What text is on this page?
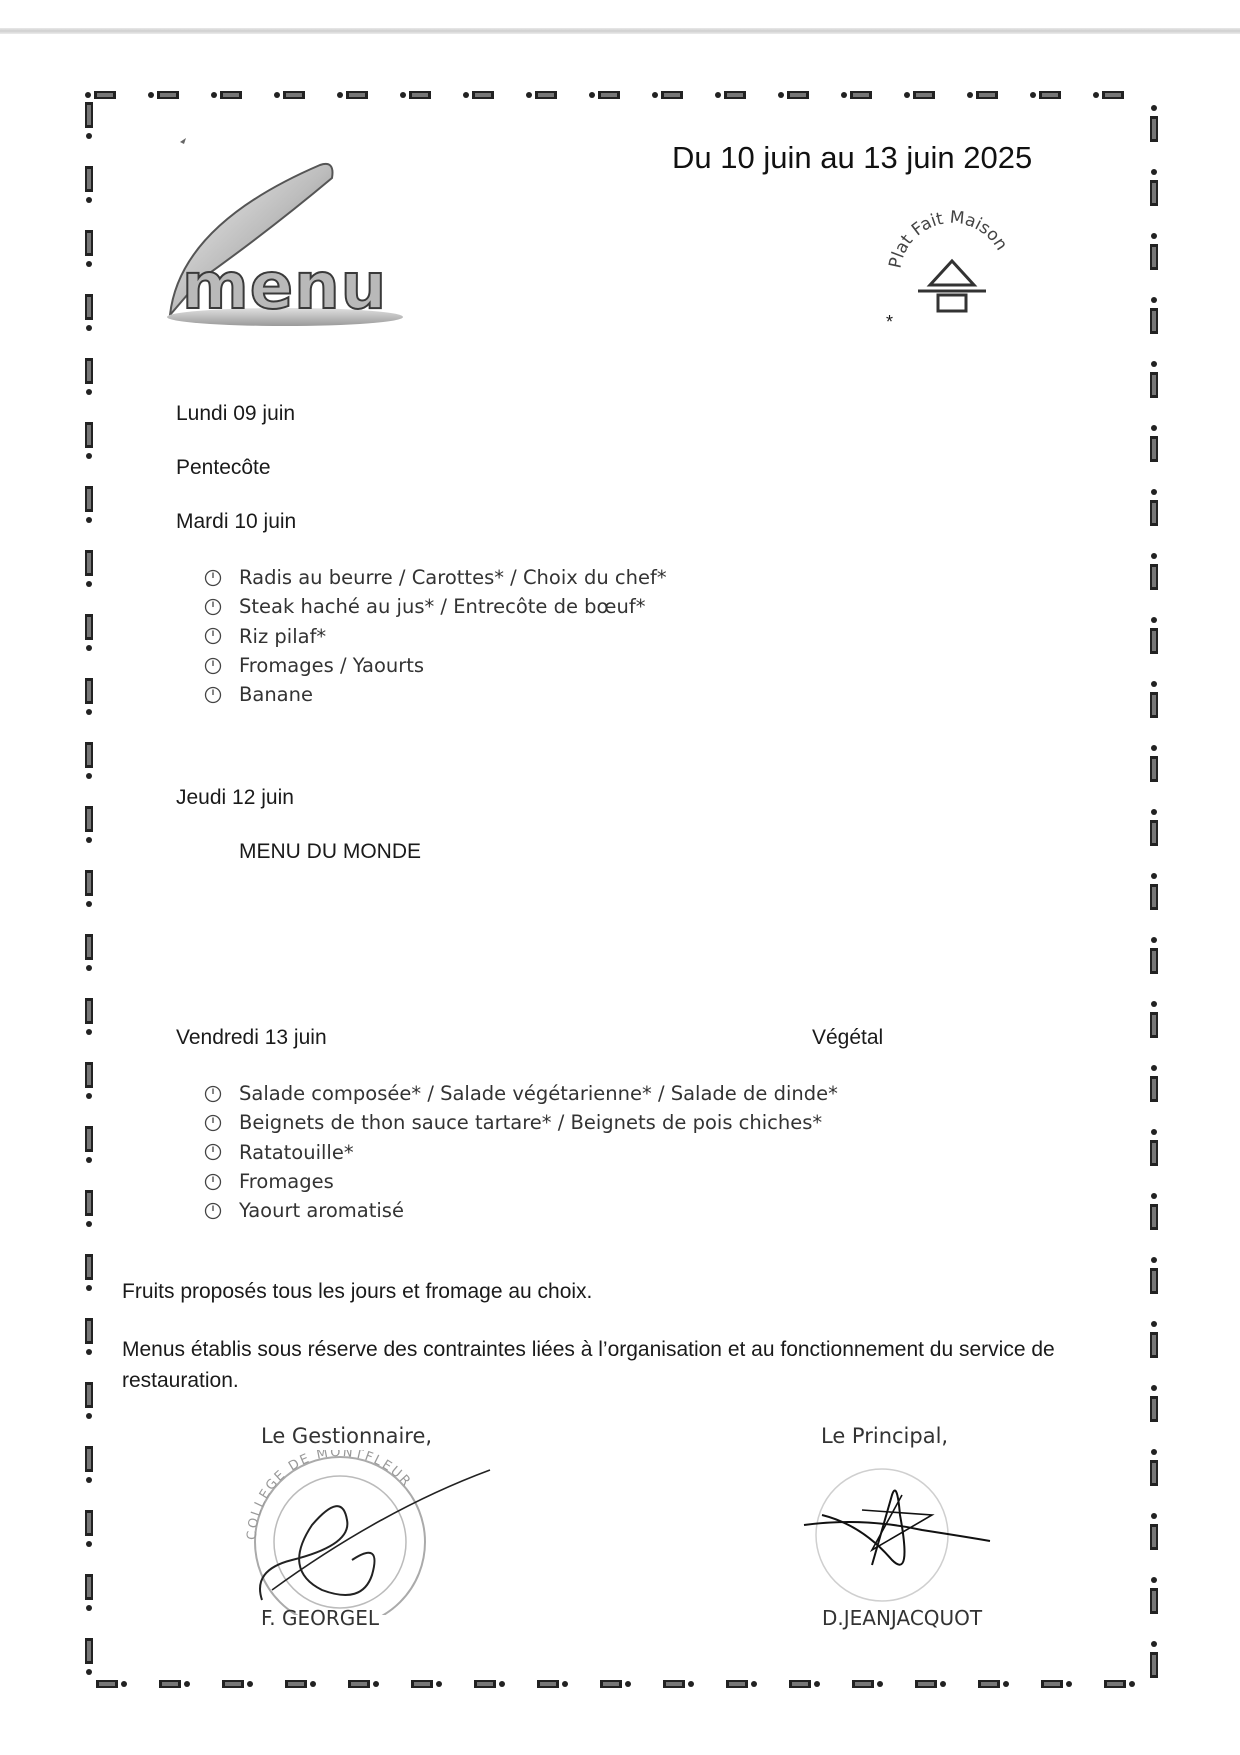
Du 10 juin au 13 juin 2025
menu	Plat Fait Maison
*
Lundi 09 juin
Pentecôte
Mardi 10 juin
Radis au beurre / Carottes* / Choix du chef*
Steak haché au jus* / Entrecôte de bœuf*
Riz pilaf*
Fromages / Yaourts
Banane
Jeudi 12 juin
MENU DU MONDE
Vendredi 13 juin	Végétal
Salade composée* / Salade végétarienne* / Salade de dinde*
Beignets de thon sauce tartare* / Beignets de pois chiches*
Ratatouille*
Fromages
Yaourt aromatisé
Fruits proposés tous les jours et fromage au choix.
Menus établis sous réserve des contraintes liées à l’organisation et au fonctionnement du service de restauration.
Le Gestionnaire,
COLLEGE DE MONTFLEUR
F. GEORGEL
Le Principal,
D.JEANJACQUOT
